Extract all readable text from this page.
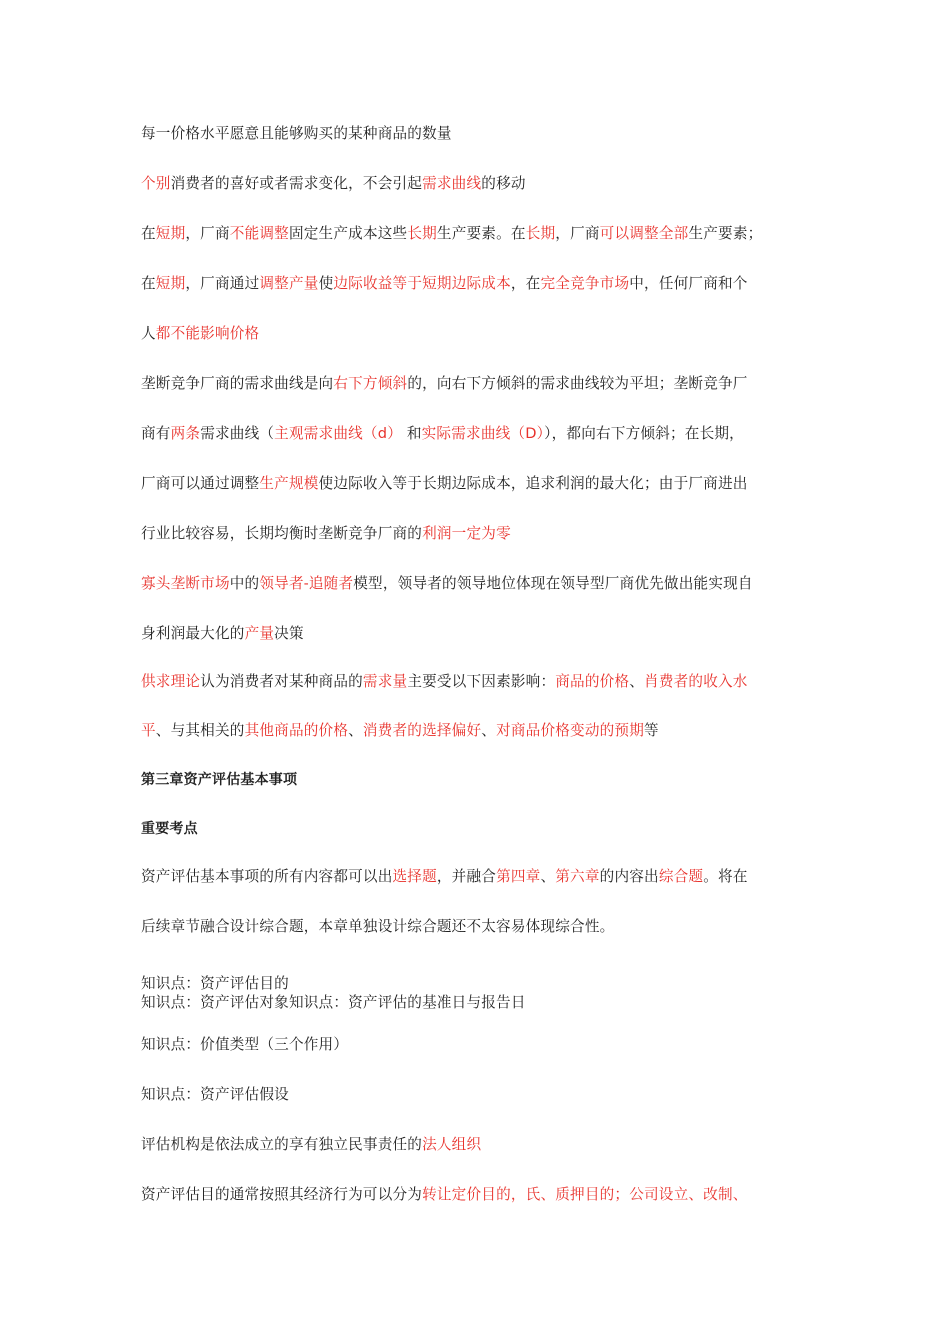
每一价格水平愿意且能够购买的某种商品的数量
个别消费者的喜好或者需求变化，不会引起需求曲线的移动
在短期，厂商不能调整固定生产成本这些长期生产要素。在长期，厂商可以调整全部生产要素；
在短期，厂商通过调整产量使边际收益等于短期边际成本，在完全竞争市场中，任何厂商和个
人都不能影响价格
垄断竞争厂商的需求曲线是向右下方倾斜的，向右下方倾斜的需求曲线较为平坦；垄断竞争厂
商有两条需求曲线（主观需求曲线（d） 和实际需求曲线（D）），都向右下方倾斜；在长期，
厂商可以通过调整生产规模使边际收入等于长期边际成本，追求利润的最大化；由于厂商进出
行业比较容易，长期均衡时垄断竞争厂商的利润一定为零
寡头垄断市场中的领导者-追随者模型，领导者的领导地位体现在领导型厂商优先做出能实现自
身利润最大化的产量决策
供求理论认为消费者对某种商品的需求量主要受以下因素影响：商品的价格、肖费者的收入水
平、与其相关的其他商品的价格、消费者的选择偏好、对商品价格变动的预期等
第三章资产评估基本事项
重要考点
资产评估基本事项的所有内容都可以出选择题，并融合第四章、第六章的内容出综合题。将在
后续章节融合设计综合题，本章单独设计综合题还不太容易体现综合性。
知识点：资产评估目的
知识点：资产评估对象知识点：资产评估的基准日与报告日
知识点：价值类型（三个作用）
知识点：资产评估假设
评估机构是依法成立的享有独立民事责任的法人组织
资产评估目的通常按照其经济行为可以分为转让定价目的，氏、质押目的；公司设立、改制、
